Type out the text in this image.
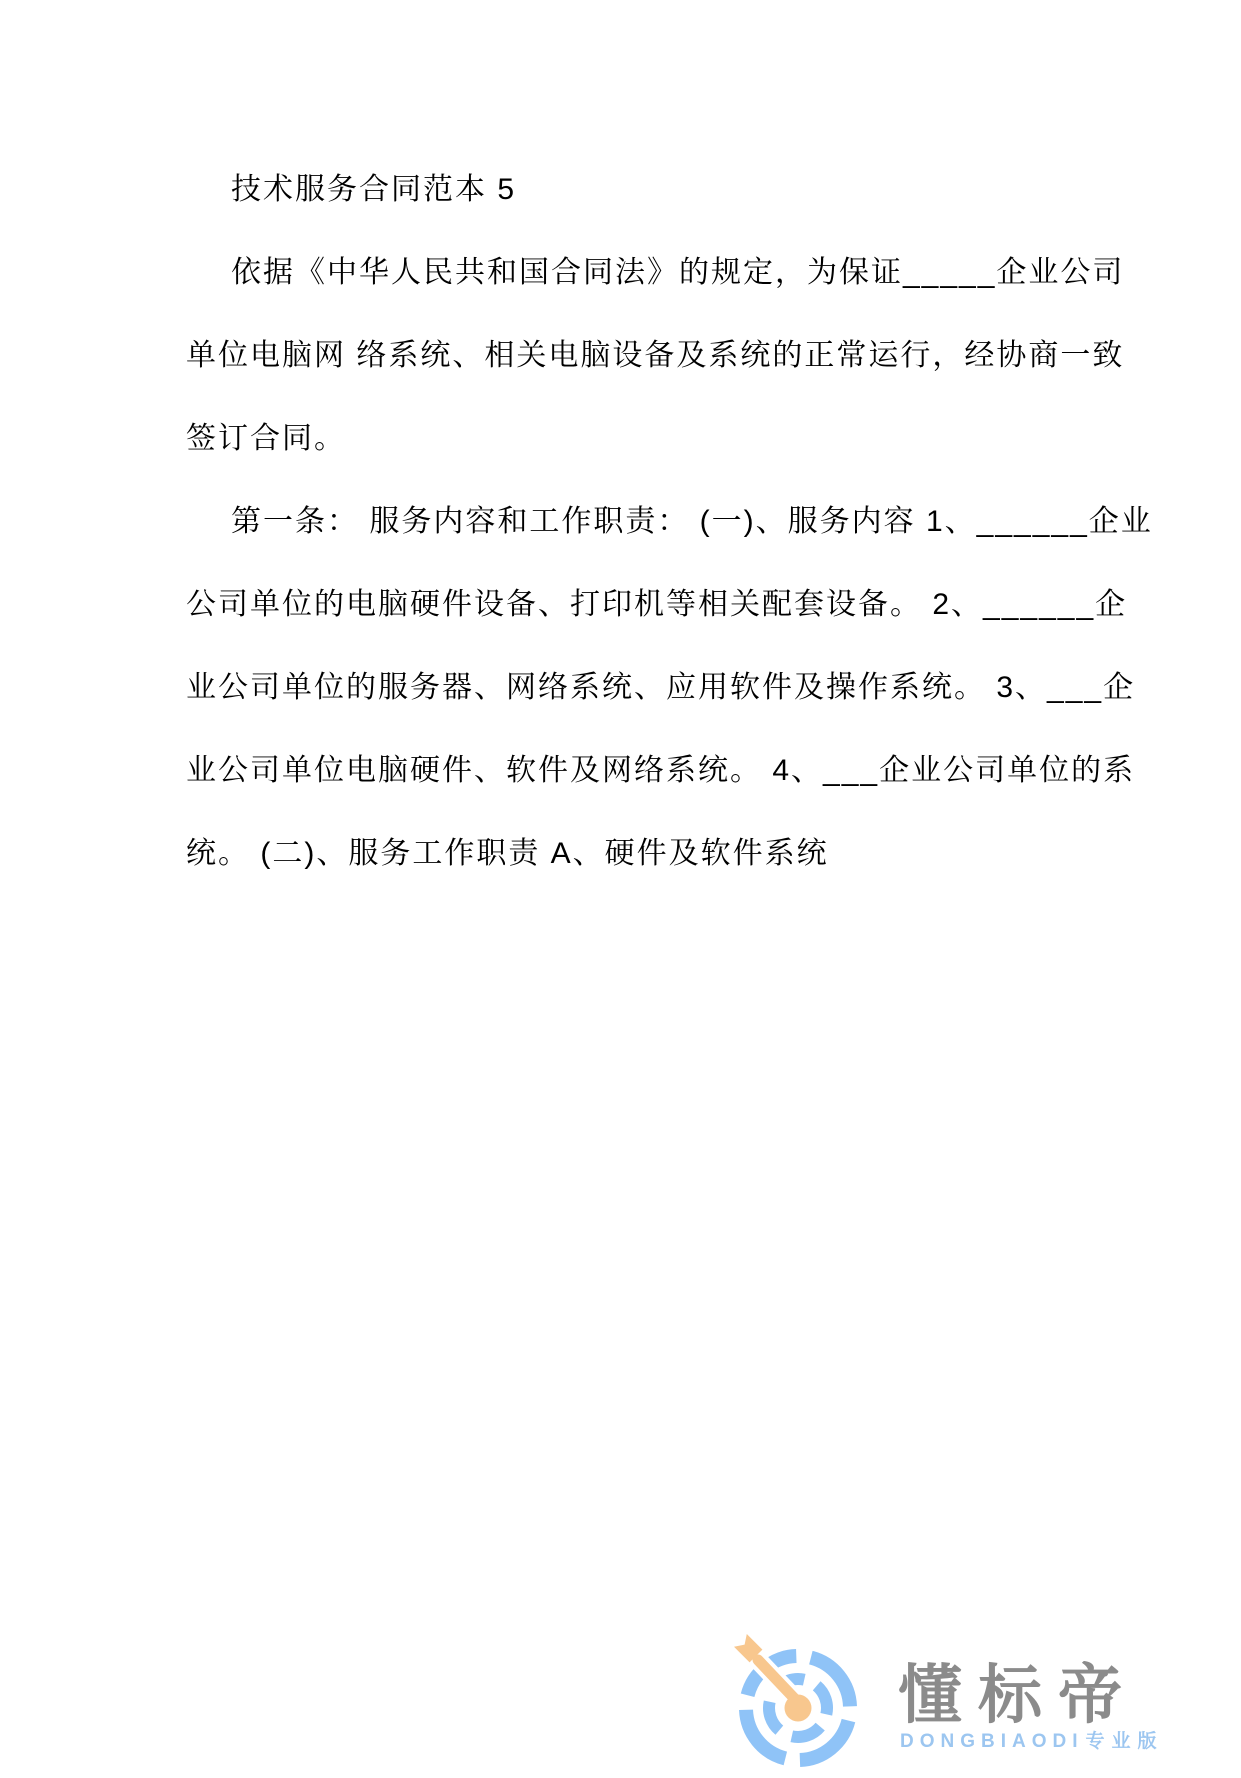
技术服务合同范本 5
依据《中华人民共和国合同法》的规定，为保证_____企业公司
单位电脑网 络系统、相关电脑设备及系统的正常运行，经协商一致
签订合同。
第一条： 服务内容和工作职责： (一)、服务内容 1、______企业
公司单位的电脑硬件设备、打印机等相关配套设备。 2、______企
业公司单位的服务器、网络系统、应用软件及操作系统。 3、___企
业公司单位电脑硬件、软件及网络系统。 4、___企业公司单位的系
统。 (二)、服务工作职责 A、硬件及软件系统
懂标帝
DONGBIAODI 专业版
